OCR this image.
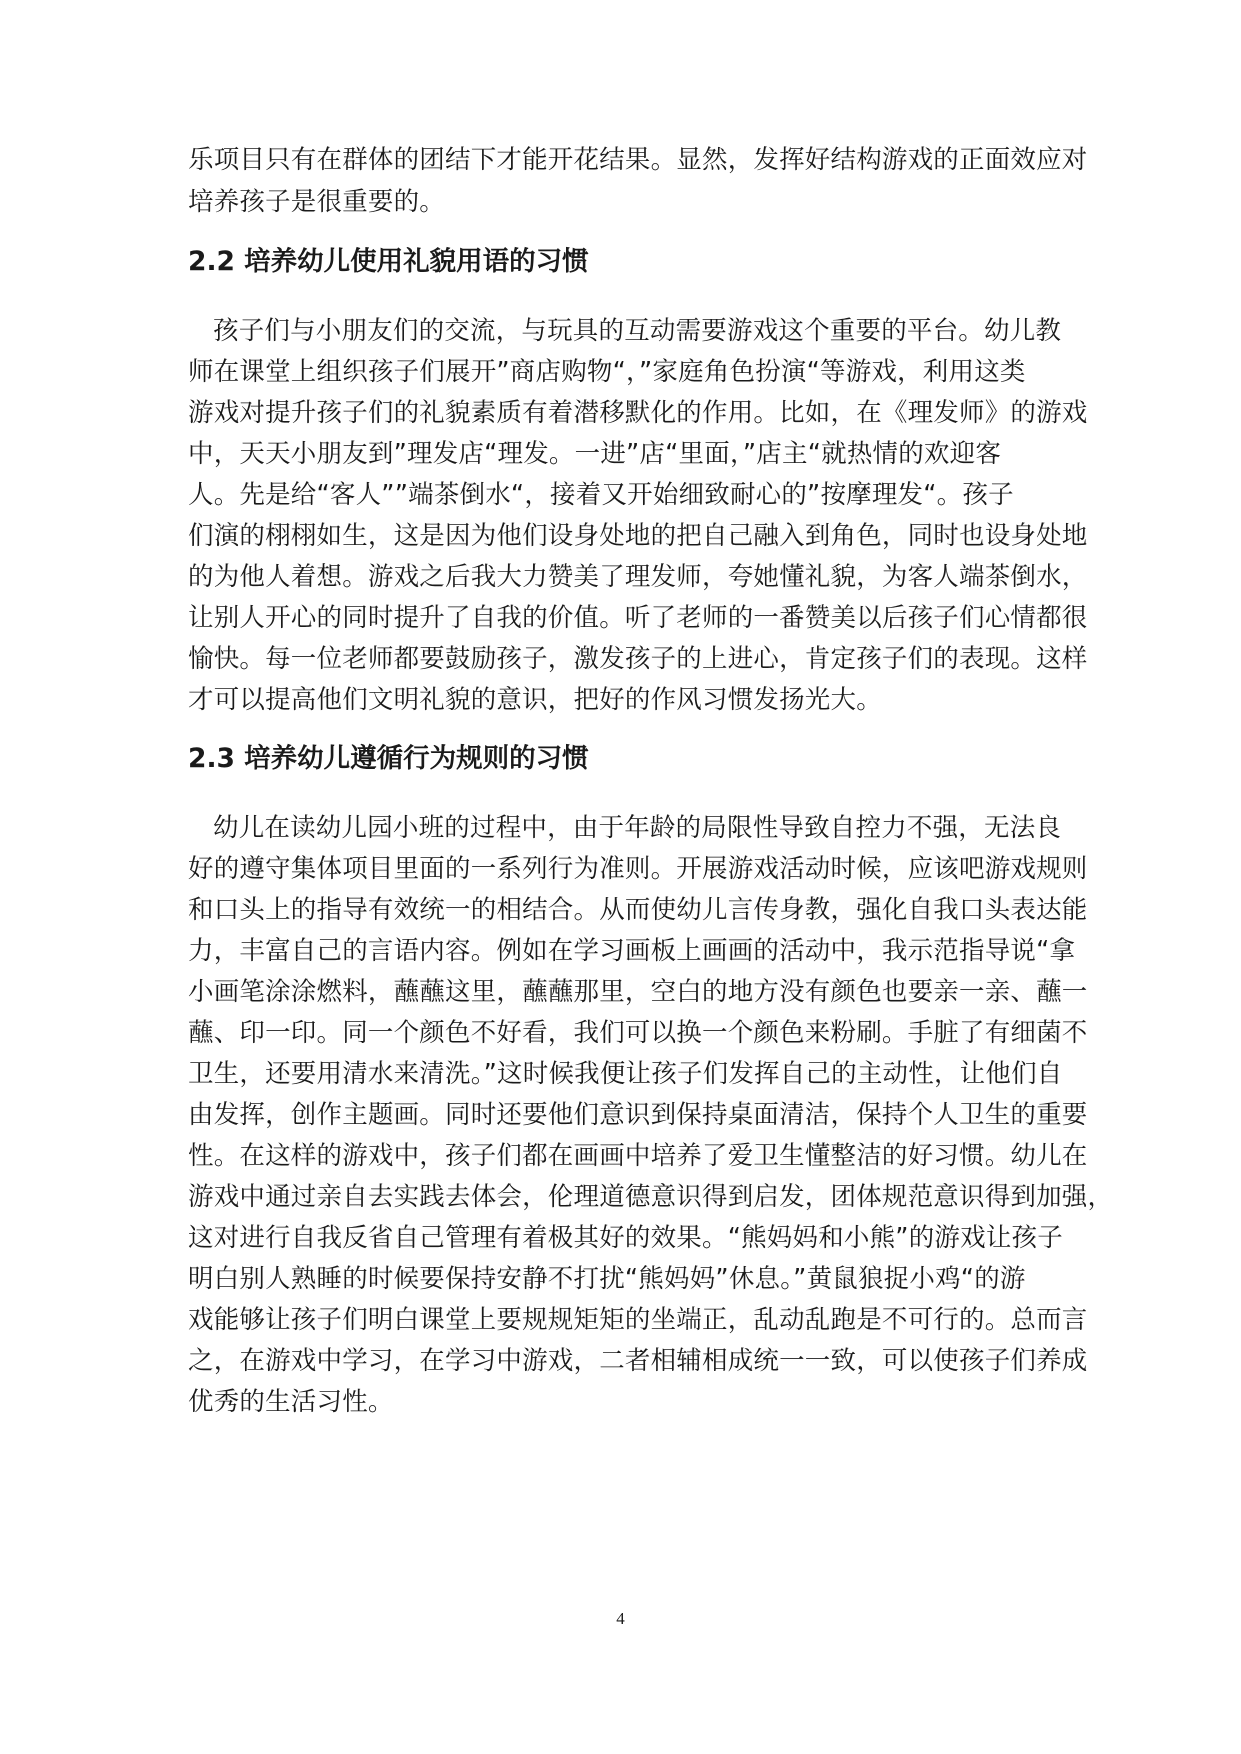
乐项目只有在群体的团结下才能开花结果。显然，发挥好结构游戏的正面效应对

培养孩子是很重要的。

2.2 培养幼儿使用礼貌用语的习惯

孩子们与小朋友们的交流，与玩具的互动需要游戏这个重要的平台。幼儿教

师在课堂上组织孩子们展开”商店购物“，”家庭角色扮演“等游戏，利用这类

游戏对提升孩子们的礼貌素质有着潜移默化的作用。比如，在《理发师》的游戏

中，天天小朋友到”理发店“理发。一进”店“里面，”店主“就热情的欢迎客

人。先是给“客人””端茶倒水“，接着又开始细致耐心的”按摩理发“。孩子

们演的栩栩如生，这是因为他们设身处地的把自己融入到角色，同时也设身处地

的为他人着想。游戏之后我大力赞美了理发师，夸她懂礼貌，为客人端茶倒水，

让别人开心的同时提升了自我的价值。听了老师的一番赞美以后孩子们心情都很

愉快。每一位老师都要鼓励孩子，激发孩子的上进心，肯定孩子们的表现。这样

才可以提高他们文明礼貌的意识，把好的作风习惯发扬光大。

2.3 培养幼儿遵循行为规则的习惯

幼儿在读幼儿园小班的过程中，由于年龄的局限性导致自控力不强，无法良

好的遵守集体项目里面的一系列行为准则。开展游戏活动时候，应该吧游戏规则

和口头上的指导有效统一的相结合。从而使幼儿言传身教，强化自我口头表达能

力，丰富自己的言语内容。例如在学习画板上画画的活动中，我示范指导说“拿

小画笔涂涂燃料，蘸蘸这里，蘸蘸那里，空白的地方没有颜色也要亲一亲、蘸一

蘸、印一印。同一个颜色不好看，我们可以换一个颜色来粉刷。手脏了有细菌不

卫生，还要用清水来清洗。”这时候我便让孩子们发挥自己的主动性，让他们自

由发挥，创作主题画。同时还要他们意识到保持桌面清洁，保持个人卫生的重要

性。在这样的游戏中，孩子们都在画画中培养了爱卫生懂整洁的好习惯。幼儿在

游戏中通过亲自去实践去体会，伦理道德意识得到启发，团体规范意识得到加强，

这对进行自我反省自己管理有着极其好的效果。“熊妈妈和小熊”的游戏让孩子

明白别人熟睡的时候要保持安静不打扰“熊妈妈”休息。”黄鼠狼捉小鸡“的游

戏能够让孩子们明白课堂上要规规矩矩的坐端正，乱动乱跑是不可行的。总而言

之，在游戏中学习，在学习中游戏，二者相辅相成统一一致，可以使孩子们养成

优秀的生活习性。

4
